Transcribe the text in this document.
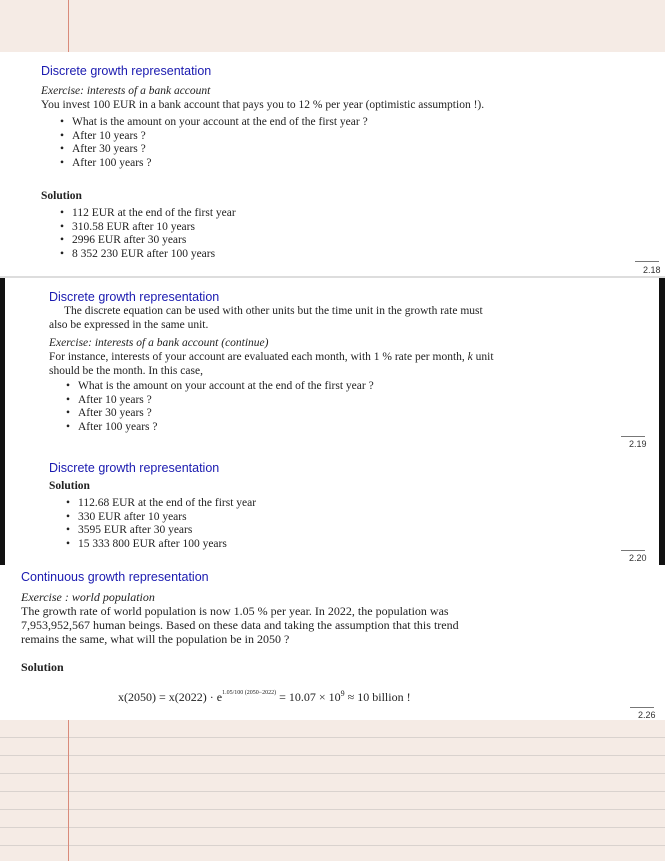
Discrete growth representation
Exercise: interests of a bank account
You invest 100 EUR in a bank account that pays you to 12 % per year (optimistic assumption !).
• What is the amount on your account at the end of the first year ?
• After 10 years ?
• After 30 years ?
• After 100 years ?
Solution
• 112 EUR at the end of the first year
• 310.58 EUR after 10 years
• 2996 EUR after 30 years
• 8 352 230 EUR after 100 years
2.18
Discrete growth representation
The discrete equation can be used with other units but the time unit in the growth rate must
also be expressed in the same unit.
Exercise: interests of a bank account (continue)
For instance, interests of your account are evaluated each month, with 1 % rate per month, k unit
should be the month. In this case,
• What is the amount on your account at the end of the first year ?
• After 10 years ?
• After 30 years ?
• After 100 years ?
2.19
Discrete growth representation
Solution
• 112.68 EUR at the end of the first year
• 330 EUR after 10 years
• 3595 EUR after 30 years
• 15 333 800 EUR after 100 years
2.20
Continuous growth representation
Exercise : world population
The growth rate of world population is now 1.05 % per year. In 2022, the population was
7,953,952,567 human beings. Based on these data and taking the assumption that this trend
remains the same, what will the population be in 2050 ?
Solution
$x(2050) = x(2022) \cdot e^{1.05/100 (2050-2022)} = 10.07 \times 10^9 \approx 10$ billion !
2.26
